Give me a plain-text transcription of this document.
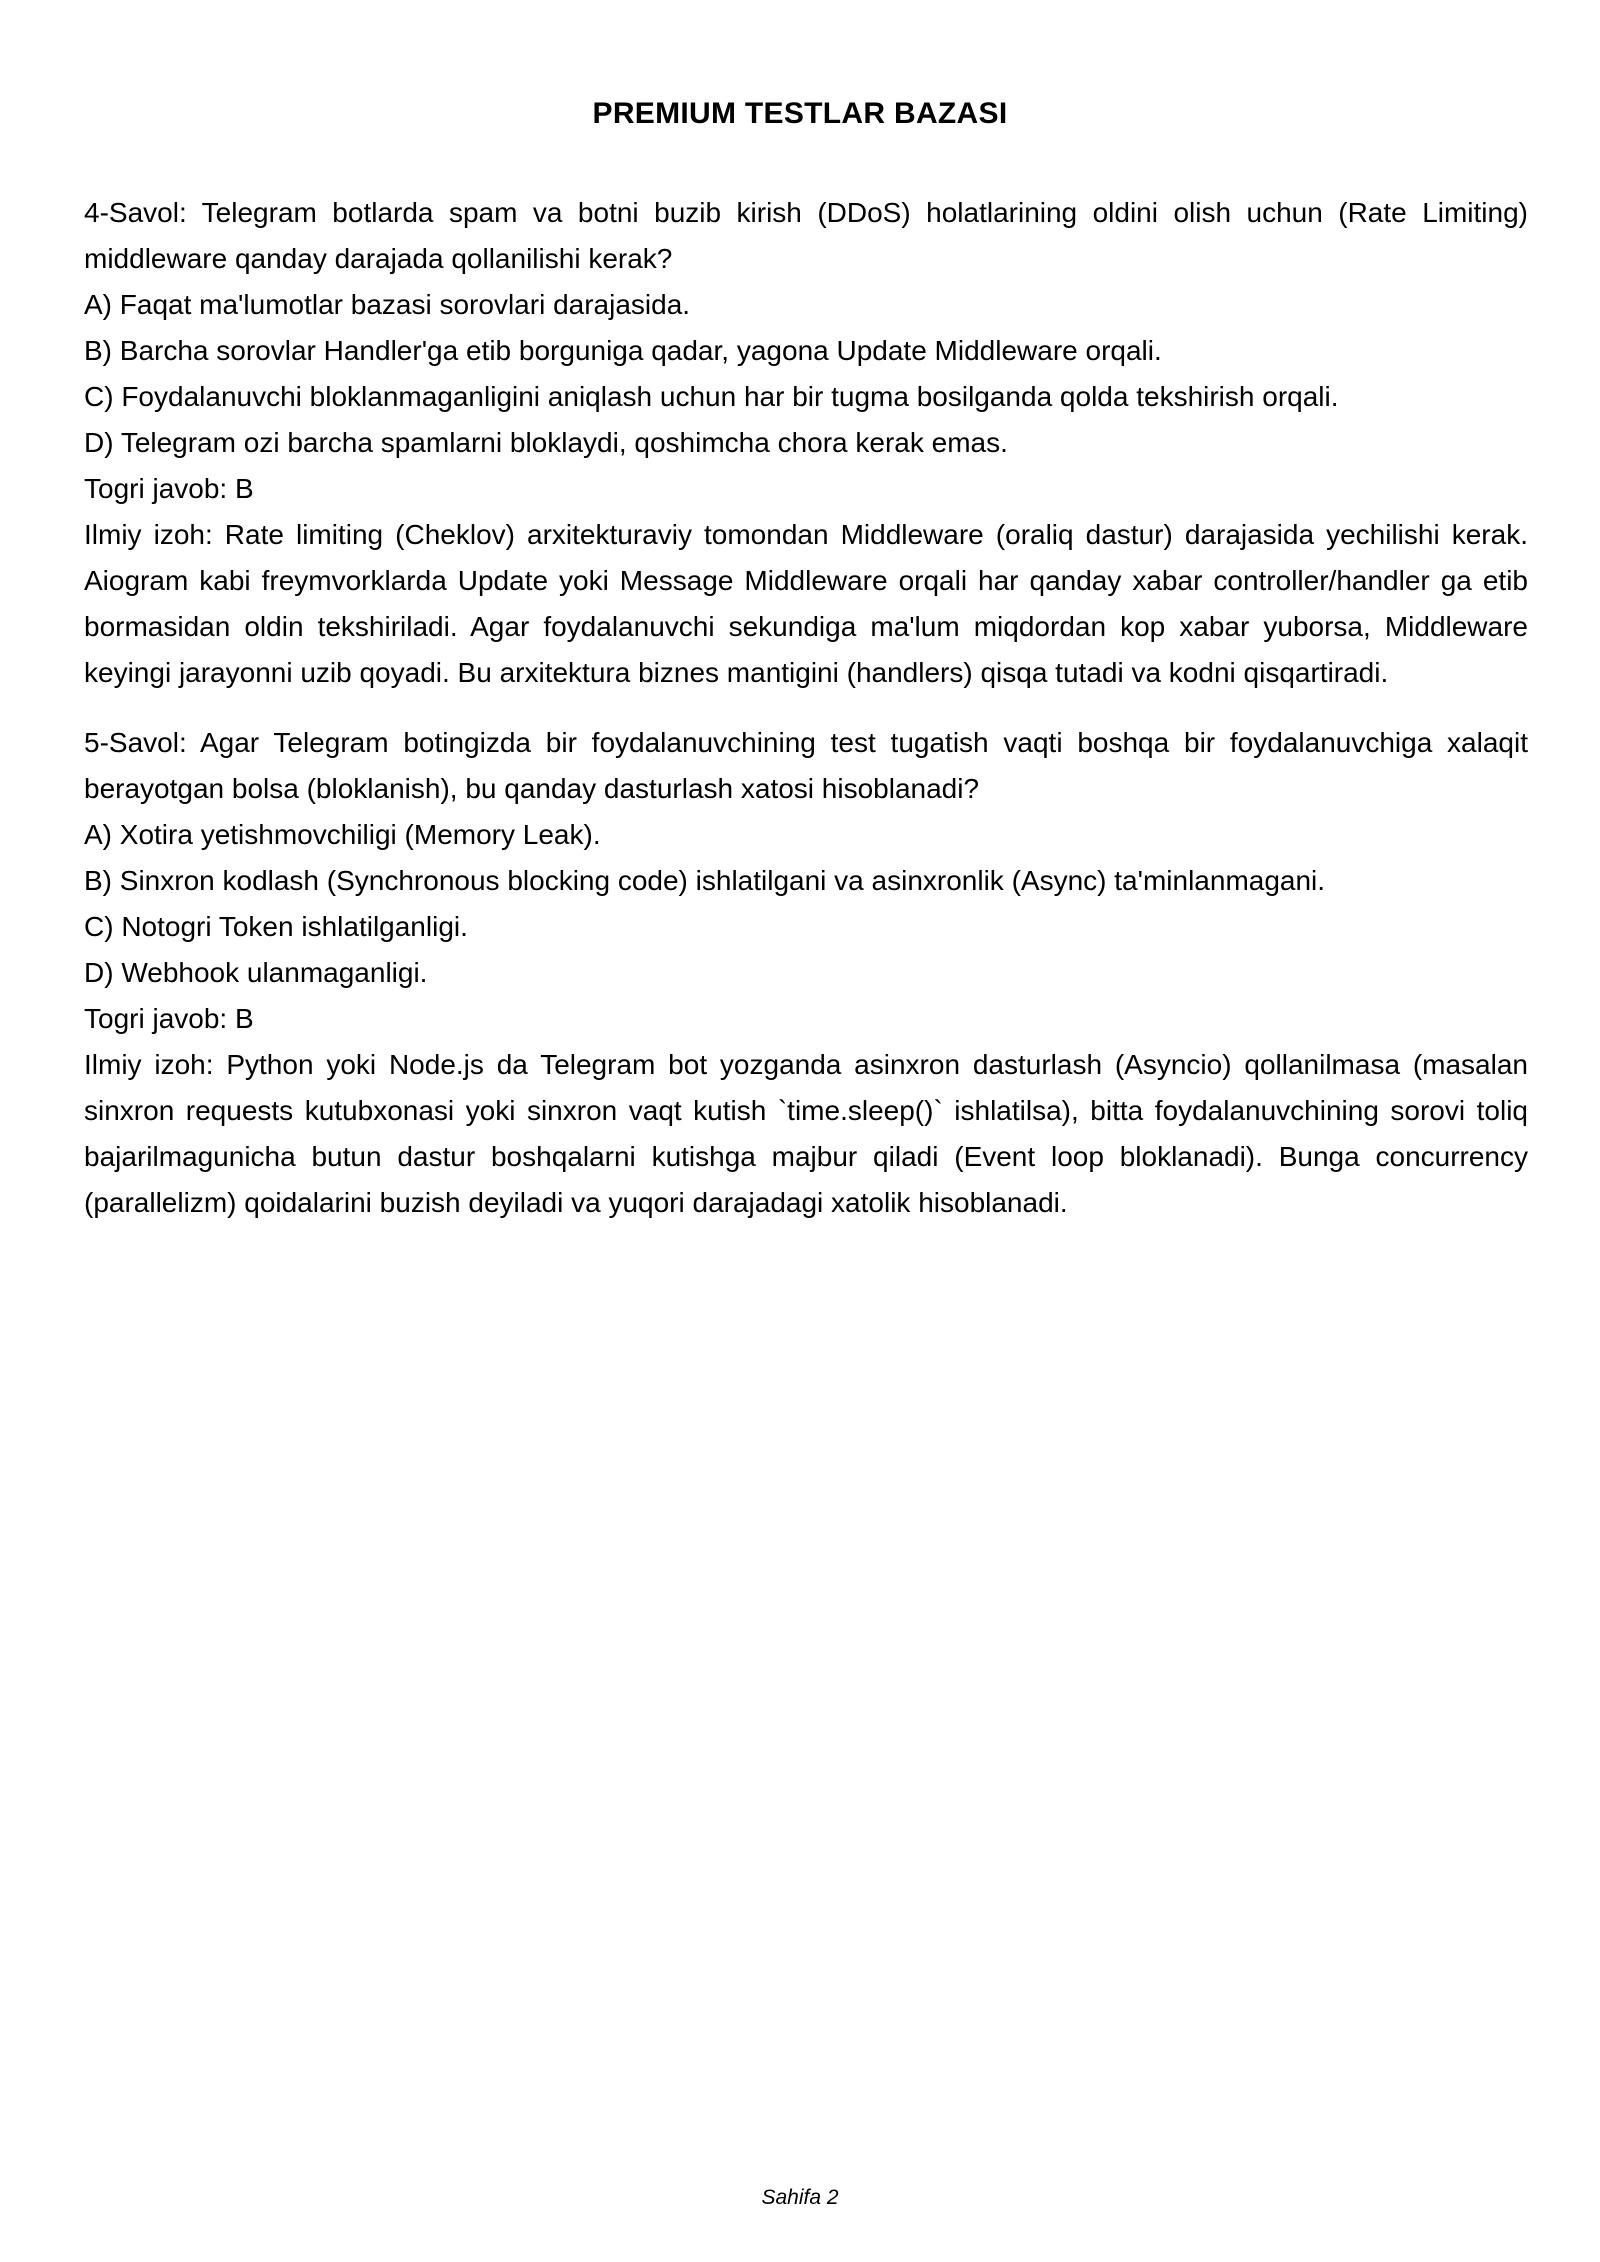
PREMIUM TESTLAR BAZASI
4-Savol: Telegram botlarda spam va botni buzib kirish (DDoS) holatlarining oldini olish uchun (Rate Limiting) middleware qanday darajada qollanilishi kerak?
A) Faqat ma'lumotlar bazasi sorovlari darajasida.
B) Barcha sorovlar Handler'ga etib borguniga qadar, yagona Update Middleware orqali.
C) Foydalanuvchi bloklanmaganligini aniqlash uchun har bir tugma bosilganda qolda tekshirish orqali.
D) Telegram ozi barcha spamlarni bloklaydi, qoshimcha chora kerak emas.
Togri javob: B
Ilmiy izoh: Rate limiting (Cheklov) arxitekturaviy tomondan Middleware (oraliq dastur) darajasida yechilishi kerak. Aiogram kabi freymvorklarda Update yoki Message Middleware orqali har qanday xabar controller/handler ga etib bormasidan oldin tekshiriladi. Agar foydalanuvchi sekundiga ma'lum miqdordan kop xabar yuborsa, Middleware keyingi jarayonni uzib qoyadi. Bu arxitektura biznes mantigini (handlers) qisqa tutadi va kodni qisqartiradi.
5-Savol: Agar Telegram botingizda bir foydalanuvchining test tugatish vaqti boshqa bir foydalanuvchiga xalaqit berayotgan bolsa (bloklanish), bu qanday dasturlash xatosi hisoblanadi?
A) Xotira yetishmovchiligi (Memory Leak).
B) Sinxron kodlash (Synchronous blocking code) ishlatilgani va asinxronlik (Async) ta'minlanmagani.
C) Notogri Token ishlatilganligi.
D) Webhook ulanmaganligi.
Togri javob: B
Ilmiy izoh: Python yoki Node.js da Telegram bot yozganda asinxron dasturlash (Asyncio) qollanilmasa (masalan sinxron requests kutubxonasi yoki sinxron vaqt kutish `time.sleep()` ishlatilsa), bitta foydalanuvchining sorovi toliq bajarilmagunicha butun dastur boshqalarni kutishga majbur qiladi (Event loop bloklanadi). Bunga concurrency (parallelizm) qoidalarini buzish deyiladi va yuqori darajadagi xatolik hisoblanadi.
Sahifa 2
